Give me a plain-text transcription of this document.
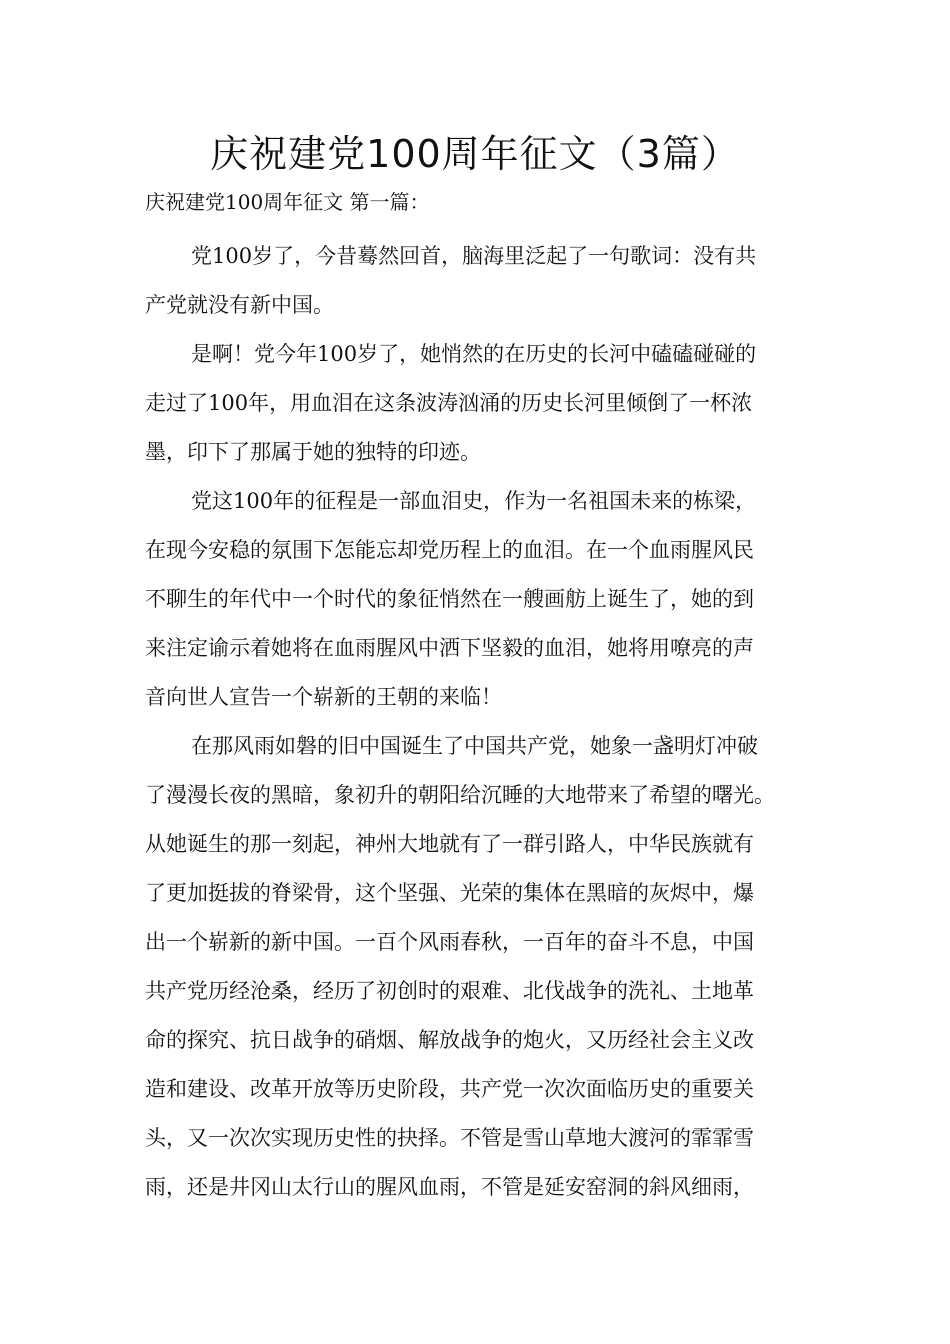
庆祝建党100周年征文（3篇）
庆祝建党100周年征文 第一篇：

党100岁了，今昔蓦然回首，脑海里泛起了一句歌词：没有共
产党就没有新中国。

是啊！党今年100岁了，她悄然的在历史的长河中磕磕碰碰的
走过了100年，用血泪在这条波涛汹涌的历史长河里倾倒了一杯浓
墨，印下了那属于她的独特的印迹。

党这100年的征程是一部血泪史，作为一名祖国未来的栋梁，
在现今安稳的氛围下怎能忘却党历程上的血泪。在一个血雨腥风民
不聊生的年代中一个时代的象征悄然在一艘画舫上诞生了，她的到
来注定谕示着她将在血雨腥风中洒下坚毅的血泪，她将用嘹亮的声
音向世人宣告一个崭新的王朝的来临！

在那风雨如磐的旧中国诞生了中国共产党，她象一盏明灯冲破
了漫漫长夜的黑暗，象初升的朝阳给沉睡的大地带来了希望的曙光。
从她诞生的那一刻起，神州大地就有了一群引路人，中华民族就有
了更加挺拔的脊梁骨，这个坚强、光荣的集体在黑暗的灰烬中，爆
出一个崭新的新中国。一百个风雨春秋，一百年的奋斗不息，中国
共产党历经沧桑，经历了初创时的艰难、北伐战争的洗礼、土地革
命的探究、抗日战争的硝烟、解放战争的炮火，又历经社会主义改
造和建设、改革开放等历史阶段，共产党一次次面临历史的重要关
头，又一次次实现历史性的抉择。不管是雪山草地大渡河的霏霏雪
雨，还是井冈山太行山的腥风血雨，不管是延安窑洞的斜风细雨，
